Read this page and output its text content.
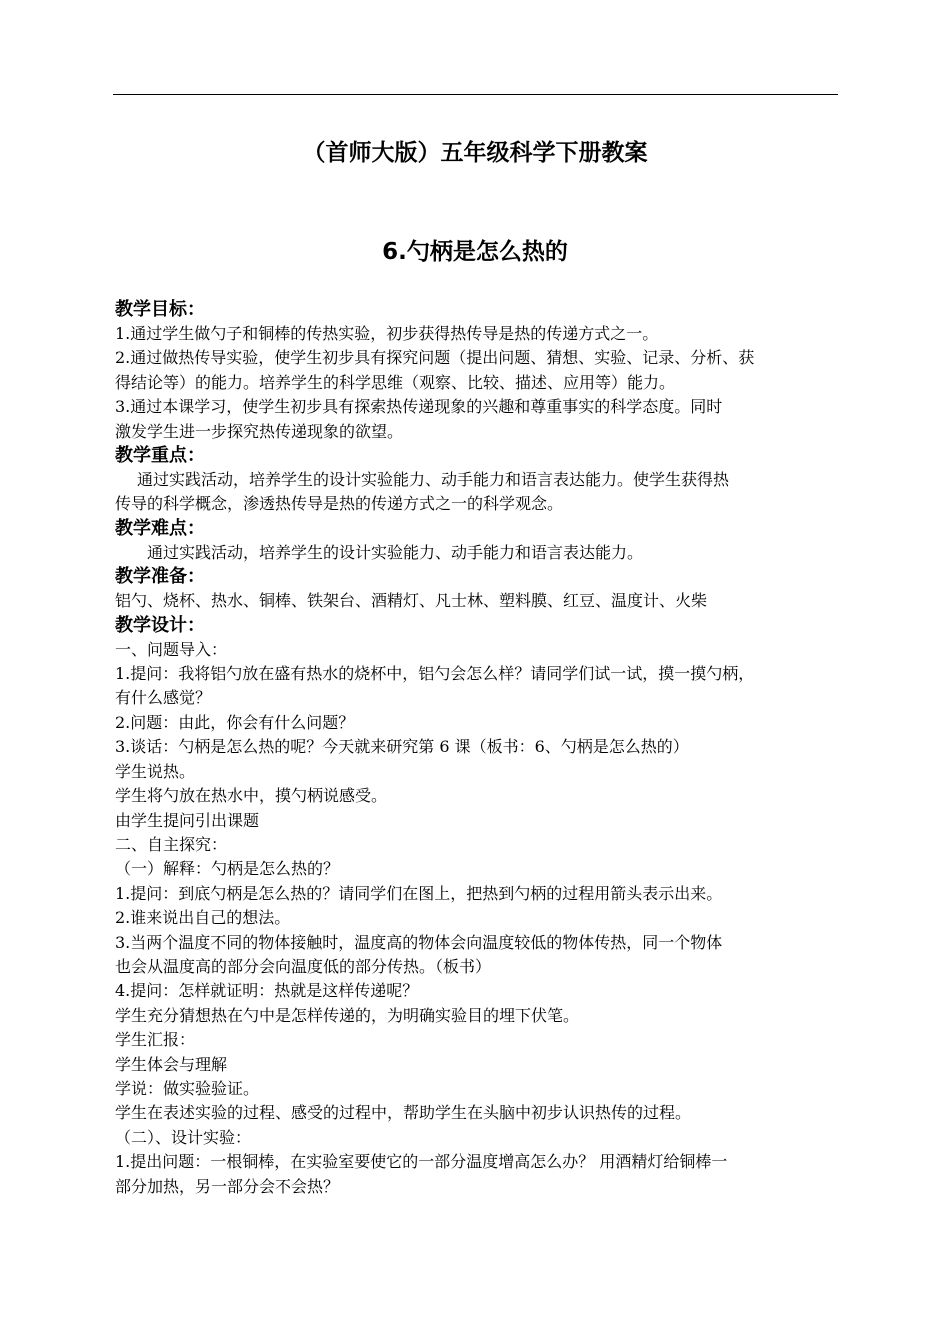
（首师大版）五年级科学下册教案
6.勺柄是怎么热的
教学目标：
1.通过学生做勺子和铜棒的传热实验，初步获得热传导是热的传递方式之一。
2.通过做热传导实验，使学生初步具有探究问题（提出问题、猜想、实验、记录、分析、获
得结论等）的能力。培养学生的科学思维（观察、比较、描述、应用等）能力。
3.通过本课学习，使学生初步具有探索热传递现象的兴趣和尊重事实的科学态度。同时
激发学生进一步探究热传递现象的欲望。
教学重点：
通过实践活动，培养学生的设计实验能力、动手能力和语言表达能力。使学生获得热
传导的科学概念，渗透热传导是热的传递方式之一的科学观念。
教学难点：
通过实践活动，培养学生的设计实验能力、动手能力和语言表达能力。
教学准备：
铝勺、烧杯、热水、铜棒、铁架台、酒精灯、凡士林、塑料膜、红豆、温度计、火柴
教学设计：
一、问题导入：
1.提问：我将铝勺放在盛有热水的烧杯中，铝勺会怎么样？请同学们试一试，摸一摸勺柄，
有什么感觉？
2.问题：由此，你会有什么问题？
3.谈话：勺柄是怎么热的呢？今天就来研究第 6 课（板书：6、勺柄是怎么热的）
学生说热。
学生将勺放在热水中，摸勺柄说感受。
由学生提问引出课题
二、自主探究：
（一）解释：勺柄是怎么热的？
1.提问：到底勺柄是怎么热的？请同学们在图上，把热到勺柄的过程用箭头表示出来。
2.谁来说出自己的想法。
3.当两个温度不同的物体接触时，温度高的物体会向温度较低的物体传热，同一个物体
也会从温度高的部分会向温度低的部分传热。（板书）
4.提问：怎样就证明：热就是这样传递呢？
学生充分猜想热在勺中是怎样传递的，为明确实验目的埋下伏笔。
学生汇报：
学生体会与理解
学说：做实验验证。
学生在表述实验的过程、感受的过程中，帮助学生在头脑中初步认识热传的过程。
（二）、设计实验：
1.提出问题：一根铜棒，在实验室要使它的一部分温度增高怎么办？ 用酒精灯给铜棒一
部分加热，另一部分会不会热？
